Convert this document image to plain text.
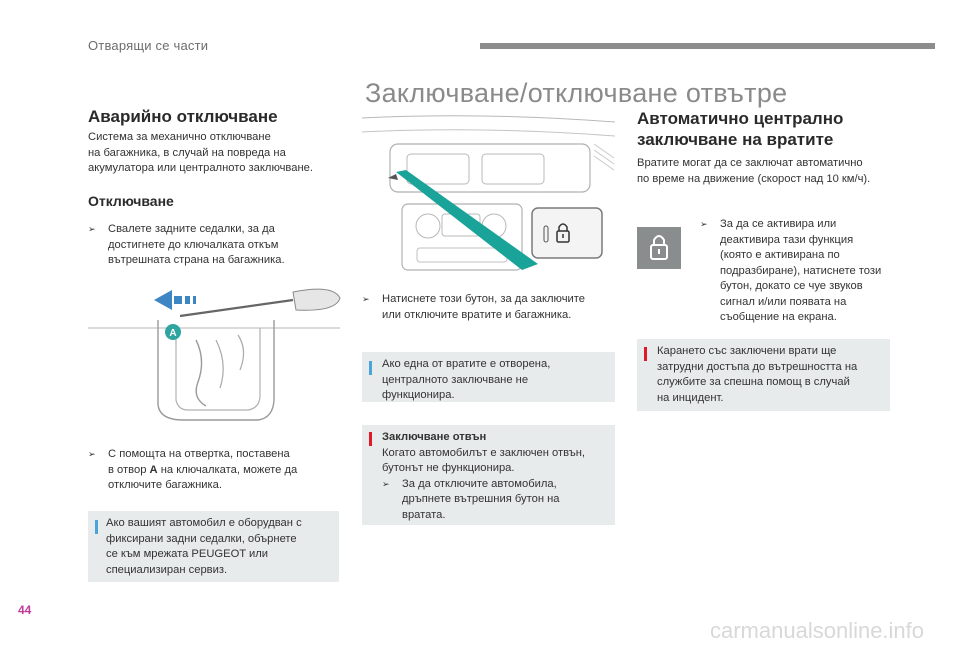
Отварящи се части
Заключване/отключване отвътре
Аварийно отключване
Система за механично отключване
на багажника, в случай на повреда на
акумулатора или централното заключване.
Отключване
➢	Свалете задните седалки, за да
достигнете до ключалката откъм
вътрешната страна на багажника.
A
➢	С помощта на отвертка, поставена
в отвор A на ключалката, можете да
отключите багажника.
Ако вашият автомобил е оборудван с
фиксирани задни седалки, обърнете
се към мрежата PEUGEOT или
специализиран сервиз.
➢	Натиснете този бутон, за да заключите
или отключите вратите и багажника.
Ако една от вратите е отворена,
централното заключване не
функционира.
Заключване отвън
Когато автомобилът е заключен отвън,
бутонът не функционира.
➢	За да отключите автомобила,
дръпнете вътрешния бутон на
вратата.
Автоматично централно
заключване на вратите
Вратите могат да се заключат автоматично
по време на движение (скорост над 10 км/ч).
➢	За да се активира или
деактивира тази функция
(която е активирана по
подразбиране), натиснете този
бутон, докато се чуе звуков
сигнал и/или появата на
съобщение на екрана.
Карането със заключени врати ще
затрудни достъпа до вътрешността на
службите за спешна помощ в случай
на инцидент.
44
carmanualsonline.info
